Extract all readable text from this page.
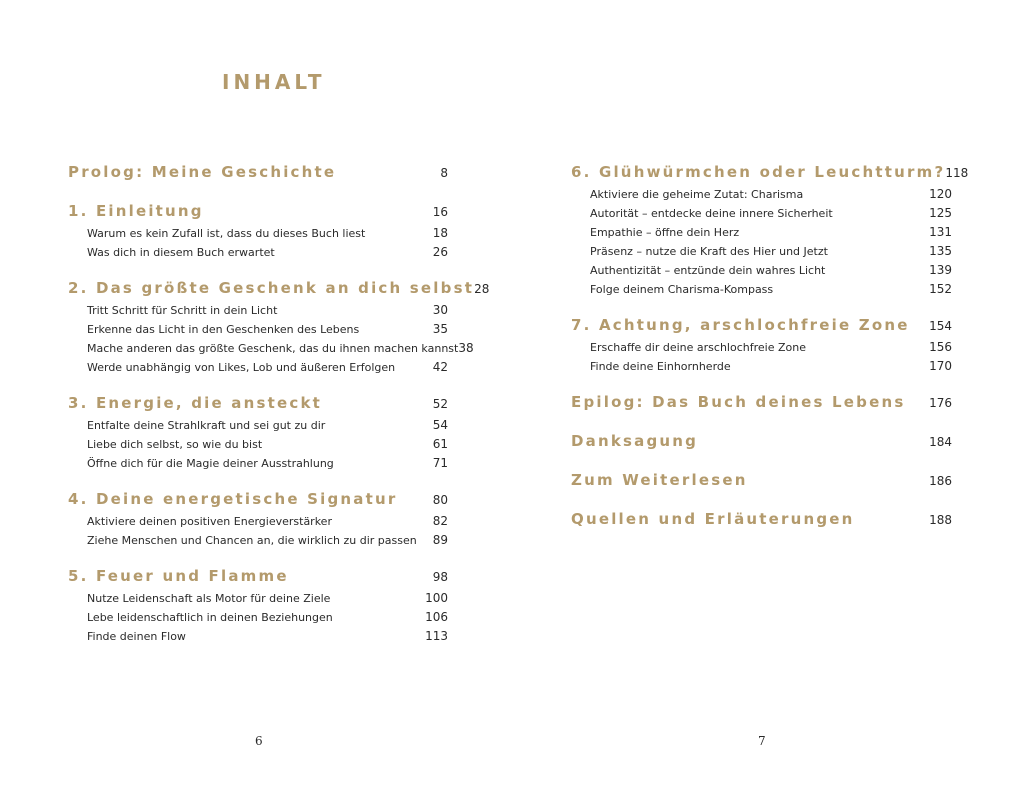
INHALT
Prolog: Meine Geschichte	8
1. Einleitung	16
Warum es kein Zufall ist, dass du dieses Buch liest	18
Was dich in diesem Buch erwartet	26
2. Das größte Geschenk an dich selbst 28
Tritt Schritt für Schritt in dein Licht	30
Erkenne das Licht in den Geschenken des Lebens	35
Mache anderen das größte Geschenk, das du ihnen machen kannst 38
Werde unabhängig von Likes, Lob und äußeren Erfolgen	42
3. Energie, die ansteckt	52
Entfalte deine Strahlkraft und sei gut zu dir	54
Liebe dich selbst, so wie du bist	61
Öffne dich für die Magie deiner Ausstrahlung	71
4. Deine energetische Signatur	80
Aktiviere deinen positiven Energieverstärker	82
Ziehe Menschen und Chancen an, die wirklich zu dir passen 89
5. Feuer und Flamme	98
Nutze Leidenschaft als Motor für deine Ziele	100
Lebe leidenschaftlich in deinen Beziehungen	106
Finde deinen Flow	113
6
6. Glühwürmchen oder Leuchtturm? 118
Aktiviere die geheime Zutat: Charisma	120
Autorität – entdecke deine innere Sicherheit	125
Empathie – öffne dein Herz	131
Präsenz – nutze die Kraft des Hier und Jetzt	135
Authentizität – entzünde dein wahres Licht	139
Folge deinem Charisma-Kompass	152
7. Achtung, arschlochfreie Zone 154
Erschaffe dir deine arschlochfreie Zone	156
Finde deine Einhornherde	170
Epilog: Das Buch deines Lebens 176
Danksagung	184
Zum Weiterlesen	186
Quellen und Erläuterungen	188
7
